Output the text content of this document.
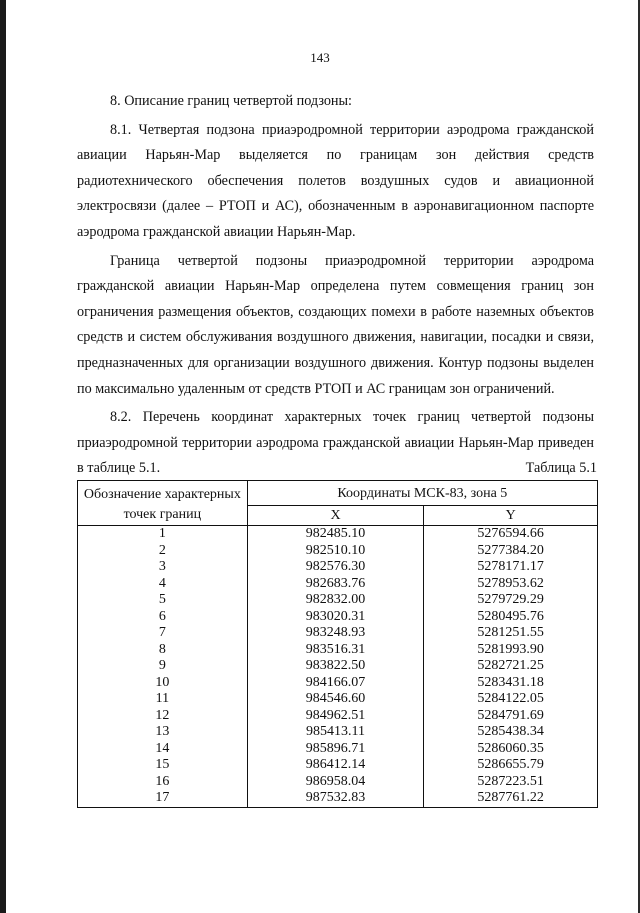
143

8. Описание границ четвертой подзоны:

8.1. Четвертая подзона приаэродромной территории аэродрома гражданской авиации Нарьян-Мар выделяется по границам зон действия средств радиотехнического обеспечения полетов воздушных судов и авиационной электросвязи (далее – РТОП и АС), обозначенным в аэронавигационном паспорте аэродрома гражданской авиации Нарьян-Мар.

Граница четвертой подзоны приаэродромной территории аэродрома гражданской авиации Нарьян-Мар определена путем совмещения границ зон ограничения размещения объектов, создающих помехи в работе наземных объектов средств и систем обслуживания воздушного движения, навигации, посадки и связи, предназначенных для организации воздушного движения. Контур подзоны выделен по максимально удаленным от средств РТОП и АС границам зон ограничений.

8.2. Перечень координат характерных точек границ четвертой подзоны приаэродромной территории аэродрома гражданской авиации Нарьян-Мар приведен в таблице 5.1.	Таблица 5.1
Обозначение характерных точек границ	Координаты МСК-83, зона 5	
	X	Y
1	982485.10	5276594.66
2	982510.10	5277384.20
3	982576.30	5278171.17
4	982683.76	5278953.62
5	982832.00	5279729.29
6	983020.31	5280495.76
7	983248.93	5281251.55
8	983516.31	5281993.90
9	983822.50	5282721.25
10	984166.07	5283431.18
11	984546.60	5284122.05
12	984962.51	5284791.69
13	985413.11	5285438.34
14	985896.71	5286060.35
15	986412.14	5286655.79
16	986958.04	5287223.51
17	987532.83	5287761.22
